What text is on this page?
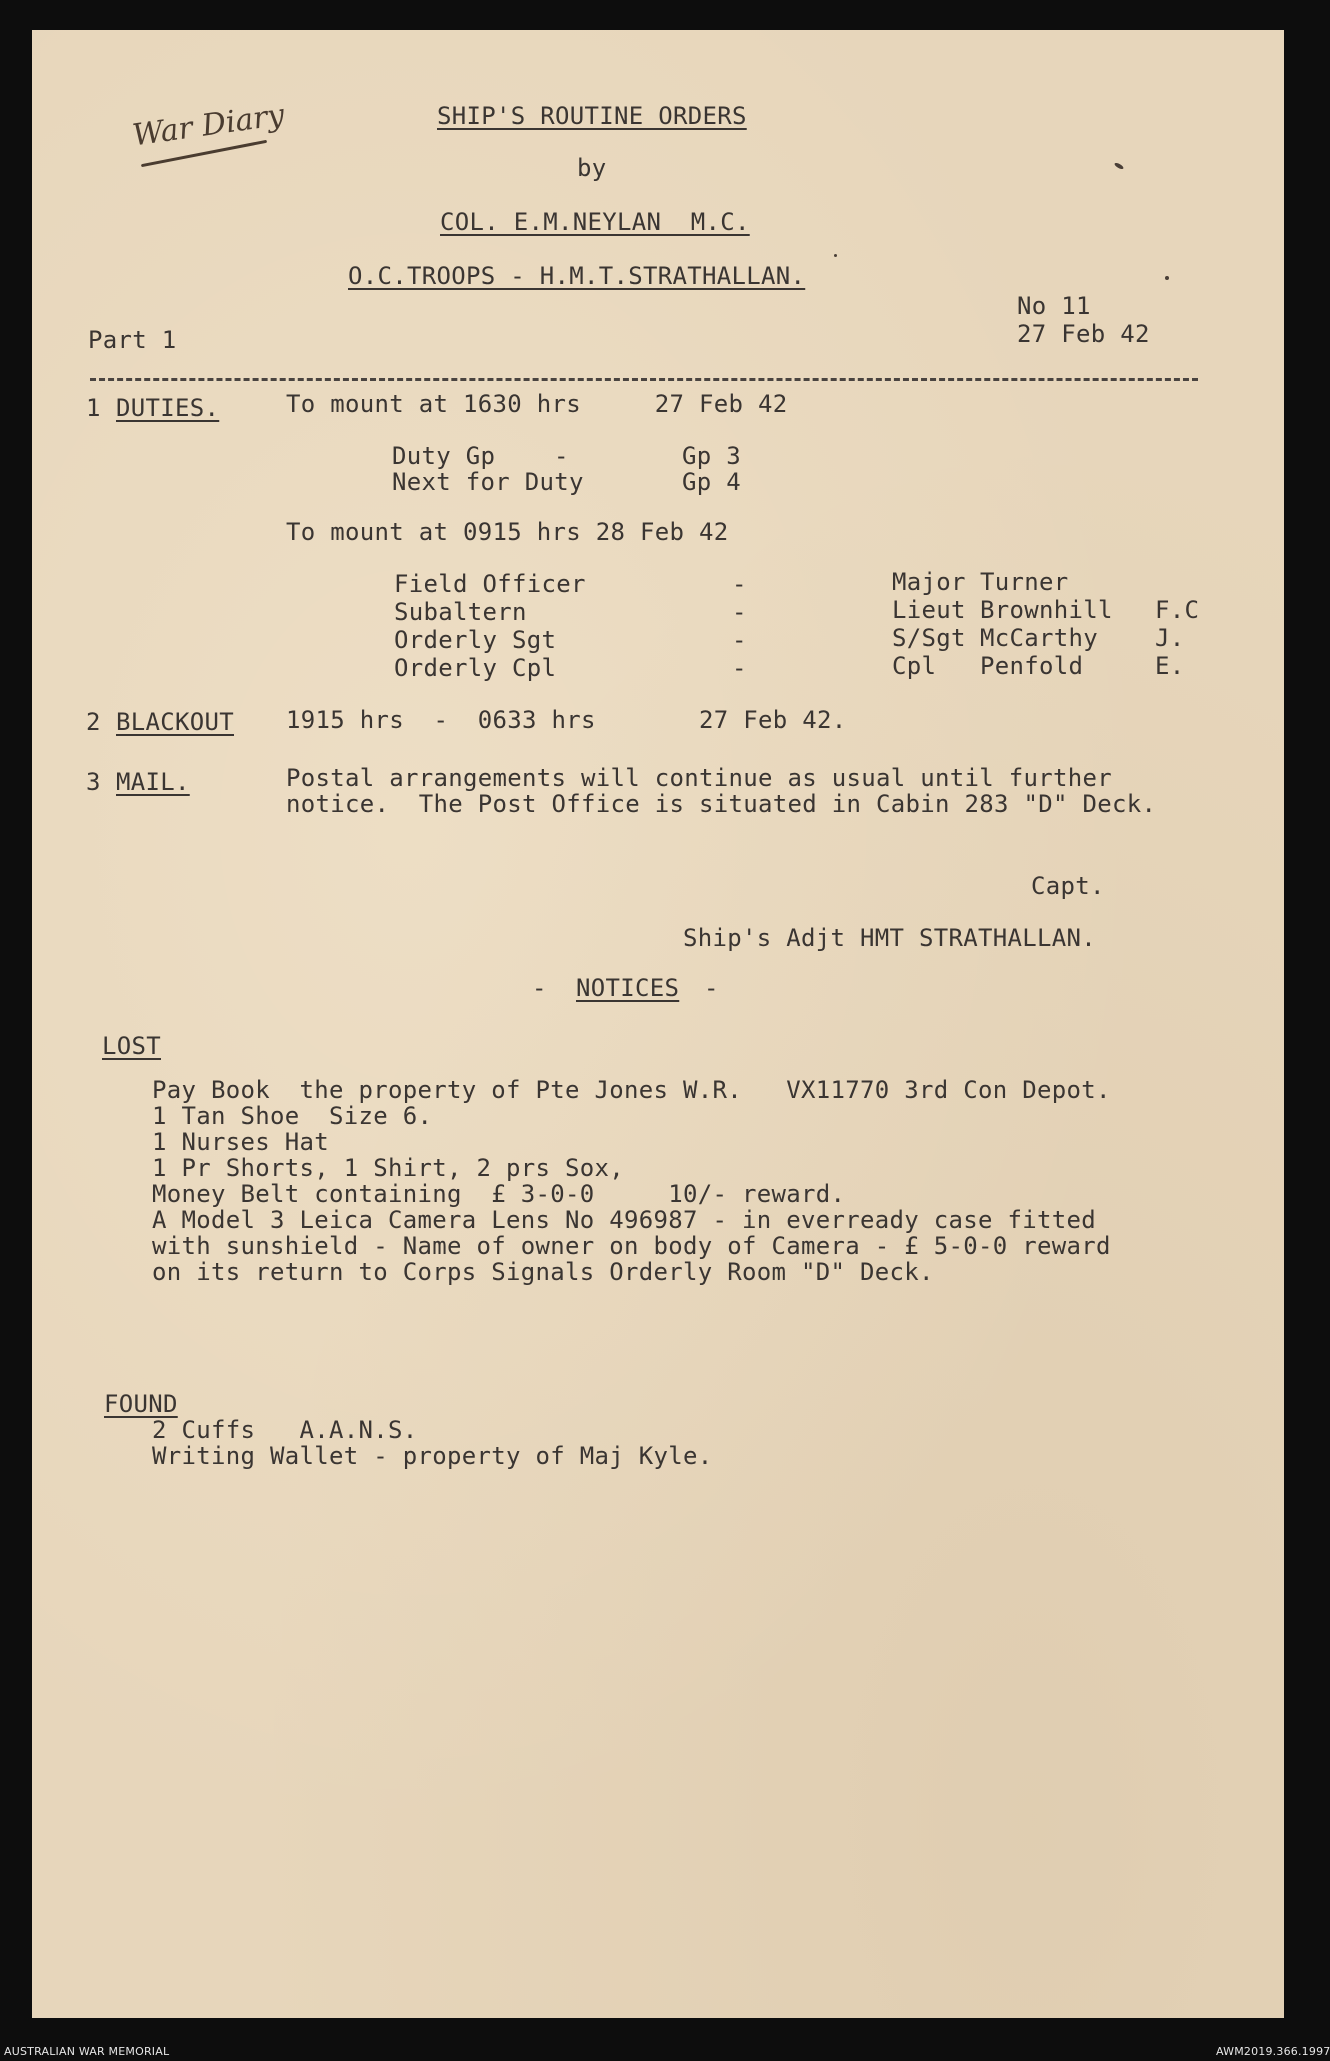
War Diary	SHIP'S ROUTINE ORDERS
by
COL. E.M.NEYLAN  M.C.
O.C.TROOPS - H.M.T.STRATHALLAN.
No 11
27 Feb 42
Part 1
1 DUTIES.	To mount at 1630 hrs     27 Feb 42
Duty Gp -	Gp 3
Next for Duty	Gp 4
To mount at 0915 hrs 28 Feb 42
Field Officer	-	Major Turner
Subaltern	-	Lieut Brownhill F.C
Orderly Sgt	-	S/Sgt McCarthy J.
Orderly Cpl	-	Cpl Penfold	E.
2 BLACKOUT 1915 hrs  -  0633 hrs       27 Feb 42.
3 MAIL.	Postal arrangements will continue as usual until further
notice.  The Post Office is situated in Cabin 283 "D" Deck.
Capt.
Ship's Adjt HMT STRATHALLAN.
- NOTICES -
LOST
Pay Book  the property of Pte Jones W.R.   VX11770 3rd Con Depot.
1 Tan Shoe  Size 6.
1 Nurses Hat
1 Pr Shorts, 1 Shirt, 2 prs Sox,
Money Belt containing  £ 3-0-0     10/- reward.
A Model 3 Leica Camera Lens No 496987 - in everready case fitted
with sunshield - Name of owner on body of Camera - £ 5-0-0 reward
on its return to Corps Signals Orderly Room "D" Deck.
FOUND
2 Cuffs   A.A.N.S.
Writing Wallet - property of Maj Kyle.
AUSTRALIAN WAR MEMORIAL	AWM2019.366.1997
